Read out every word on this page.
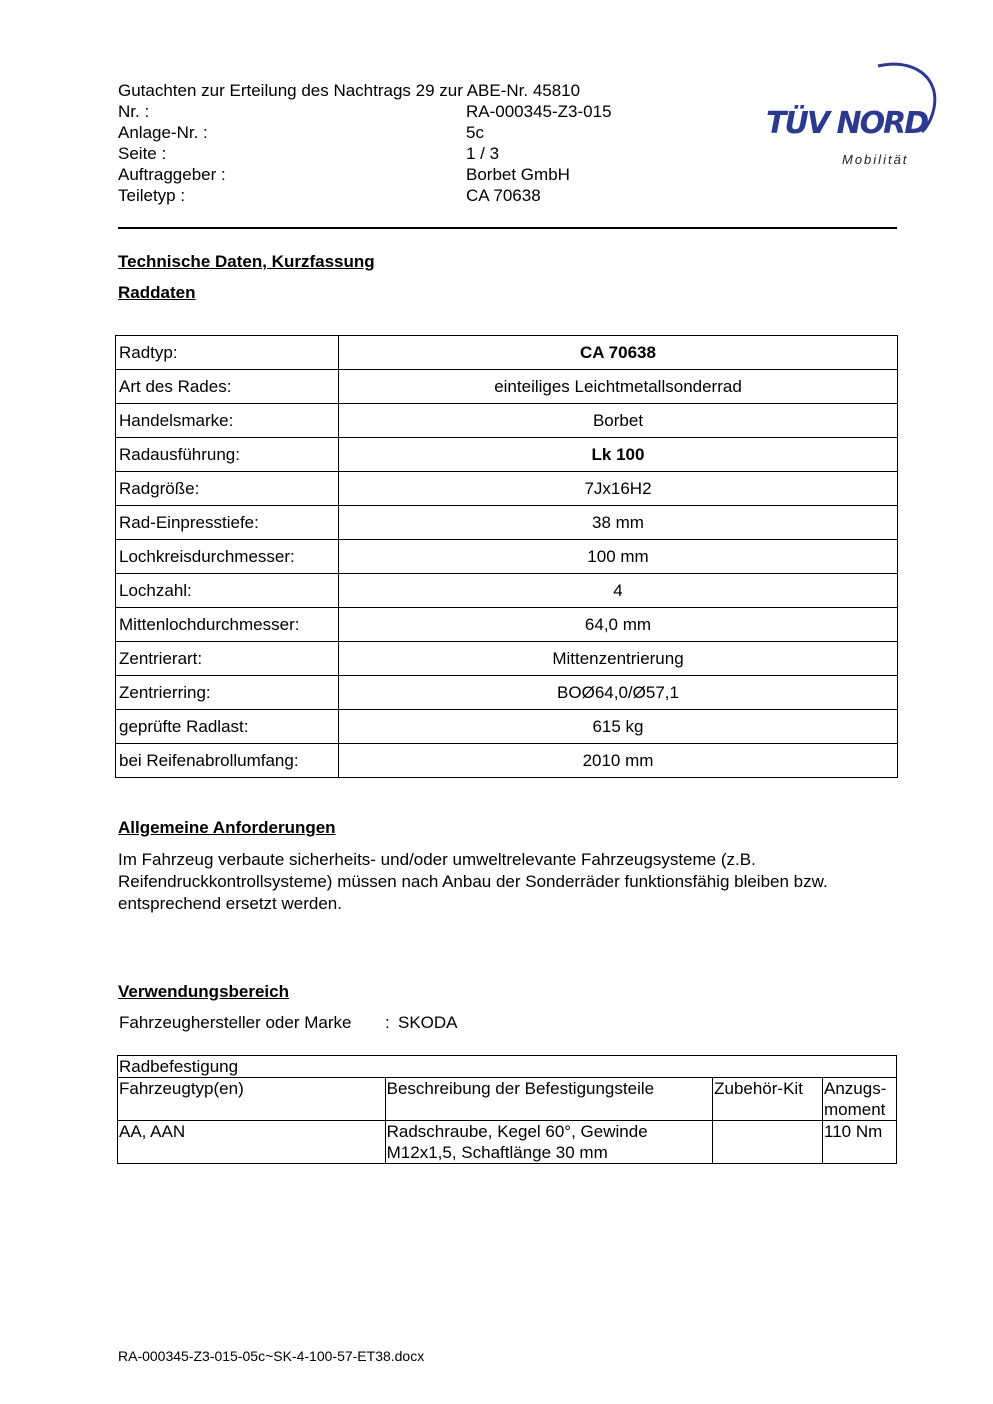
Gutachten zur Erteilung des Nachtrags 29 zur ABE-Nr. 45810
Nr. :	RA-000345-Z3-015
Anlage-Nr. :	5c
Seite :	1 / 3
Auftraggeber :	Borbet GmbH
Teiletyp :	CA 70638
TÜV NORD
Mobilität
Technische Daten, Kurzfassung
Raddaten
Radtyp:	CA 70638
Art des Rades:	einteiliges Leichtmetallsonderrad
Handelsmarke:	Borbet
Radausführung:	Lk 100
Radgröße:	7Jx16H2
Rad-Einpresstiefe:	38 mm
Lochkreisdurchmesser:	100 mm
Lochzahl:	4
Mittenlochdurchmesser:	64,0 mm
Zentrierart:	Mittenzentrierung
Zentrierring:	BOØ64,0/Ø57,1
geprüfte Radlast:	615 kg
bei Reifenabrollumfang:	2010 mm
Allgemeine Anforderungen
Im Fahrzeug verbaute sicherheits- und/oder umweltrelevante Fahrzeugsysteme (z.B. Reifendruckkontrollsysteme) müssen nach Anbau der Sonderräder funktionsfähig bleiben bzw. entsprechend ersetzt werden.
Verwendungsbereich
Fahrzeughersteller oder Marke : SKODA
Radbefestigung			
Fahrzeugtyp(en)	Beschreibung der Befestigungsteile	Zubehör-Kit	Anzugs-moment
AA, AAN	Radschraube, Kegel 60°, Gewinde M12x1,5, Schaftlänge 30 mm		110 Nm
RA-000345-Z3-015-05c~SK-4-100-57-ET38.docx
